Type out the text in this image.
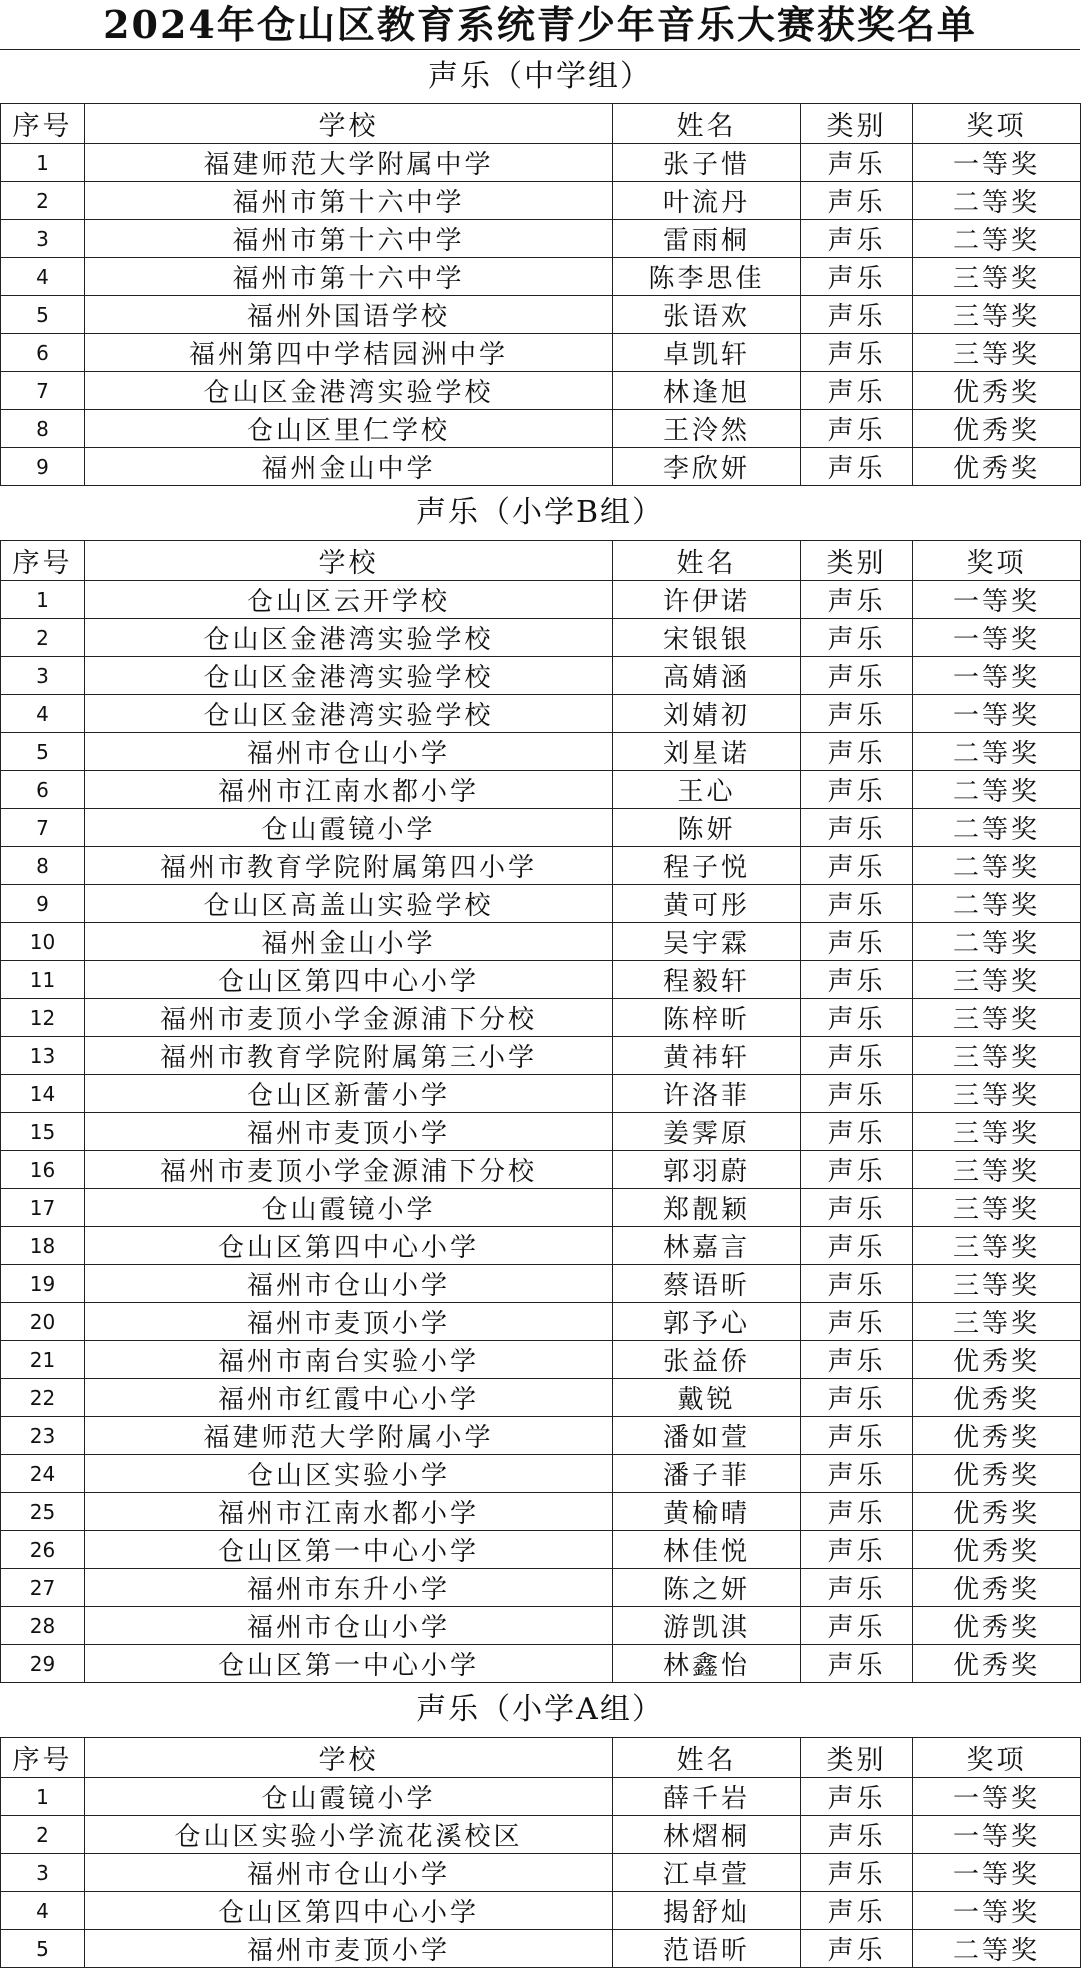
2024年仓山区教育系统青少年音乐大赛获奖名单
声乐（中学组）
序号	学校	姓名	类别	奖项
1	福建师范大学附属中学	张子惜	声乐	一等奖
2	福州市第十六中学	叶流丹	声乐	二等奖
3	福州市第十六中学	雷雨桐	声乐	二等奖
4	福州市第十六中学	陈李思佳	声乐	三等奖
5	福州外国语学校	张语欢	声乐	三等奖
6	福州第四中学桔园洲中学	卓凯轩	声乐	三等奖
7	仓山区金港湾实验学校	林逢旭	声乐	优秀奖
8	仓山区里仁学校	王泠然	声乐	优秀奖
9	福州金山中学	李欣妍	声乐	优秀奖
声乐（小学B组）
序号	学校	姓名	类别	奖项
1	仓山区云开学校	许伊诺	声乐	一等奖
2	仓山区金港湾实验学校	宋银银	声乐	一等奖
3	仓山区金港湾实验学校	高婧涵	声乐	一等奖
4	仓山区金港湾实验学校	刘婧初	声乐	一等奖
5	福州市仓山小学	刘星诺	声乐	二等奖
6	福州市江南水都小学	王心	声乐	二等奖
7	仓山霞镜小学	陈妍	声乐	二等奖
8	福州市教育学院附属第四小学	程子悦	声乐	二等奖
9	仓山区高盖山实验学校	黄可彤	声乐	二等奖
10	福州金山小学	吴宇霖	声乐	二等奖
11	仓山区第四中心小学	程毅轩	声乐	三等奖
12	福州市麦顶小学金源浦下分校	陈梓昕	声乐	三等奖
13	福州市教育学院附属第三小学	黄祎轩	声乐	三等奖
14	仓山区新蕾小学	许洛菲	声乐	三等奖
15	福州市麦顶小学	姜霁原	声乐	三等奖
16	福州市麦顶小学金源浦下分校	郭羽蔚	声乐	三等奖
17	仓山霞镜小学	郑靓颖	声乐	三等奖
18	仓山区第四中心小学	林嘉言	声乐	三等奖
19	福州市仓山小学	蔡语昕	声乐	三等奖
20	福州市麦顶小学	郭予心	声乐	三等奖
21	福州市南台实验小学	张益侨	声乐	优秀奖
22	福州市红霞中心小学	戴锐	声乐	优秀奖
23	福建师范大学附属小学	潘如萱	声乐	优秀奖
24	仓山区实验小学	潘子菲	声乐	优秀奖
25	福州市江南水都小学	黄榆晴	声乐	优秀奖
26	仓山区第一中心小学	林佳悦	声乐	优秀奖
27	福州市东升小学	陈之妍	声乐	优秀奖
28	福州市仓山小学	游凯淇	声乐	优秀奖
29	仓山区第一中心小学	林鑫怡	声乐	优秀奖
声乐（小学A组）
序号	学校	姓名	类别	奖项
1	仓山霞镜小学	薛千岩	声乐	一等奖
2	仓山区实验小学流花溪校区	林熠桐	声乐	一等奖
3	福州市仓山小学	江卓萱	声乐	一等奖
4	仓山区第四中心小学	揭舒灿	声乐	一等奖
5	福州市麦顶小学	范语昕	声乐	二等奖
